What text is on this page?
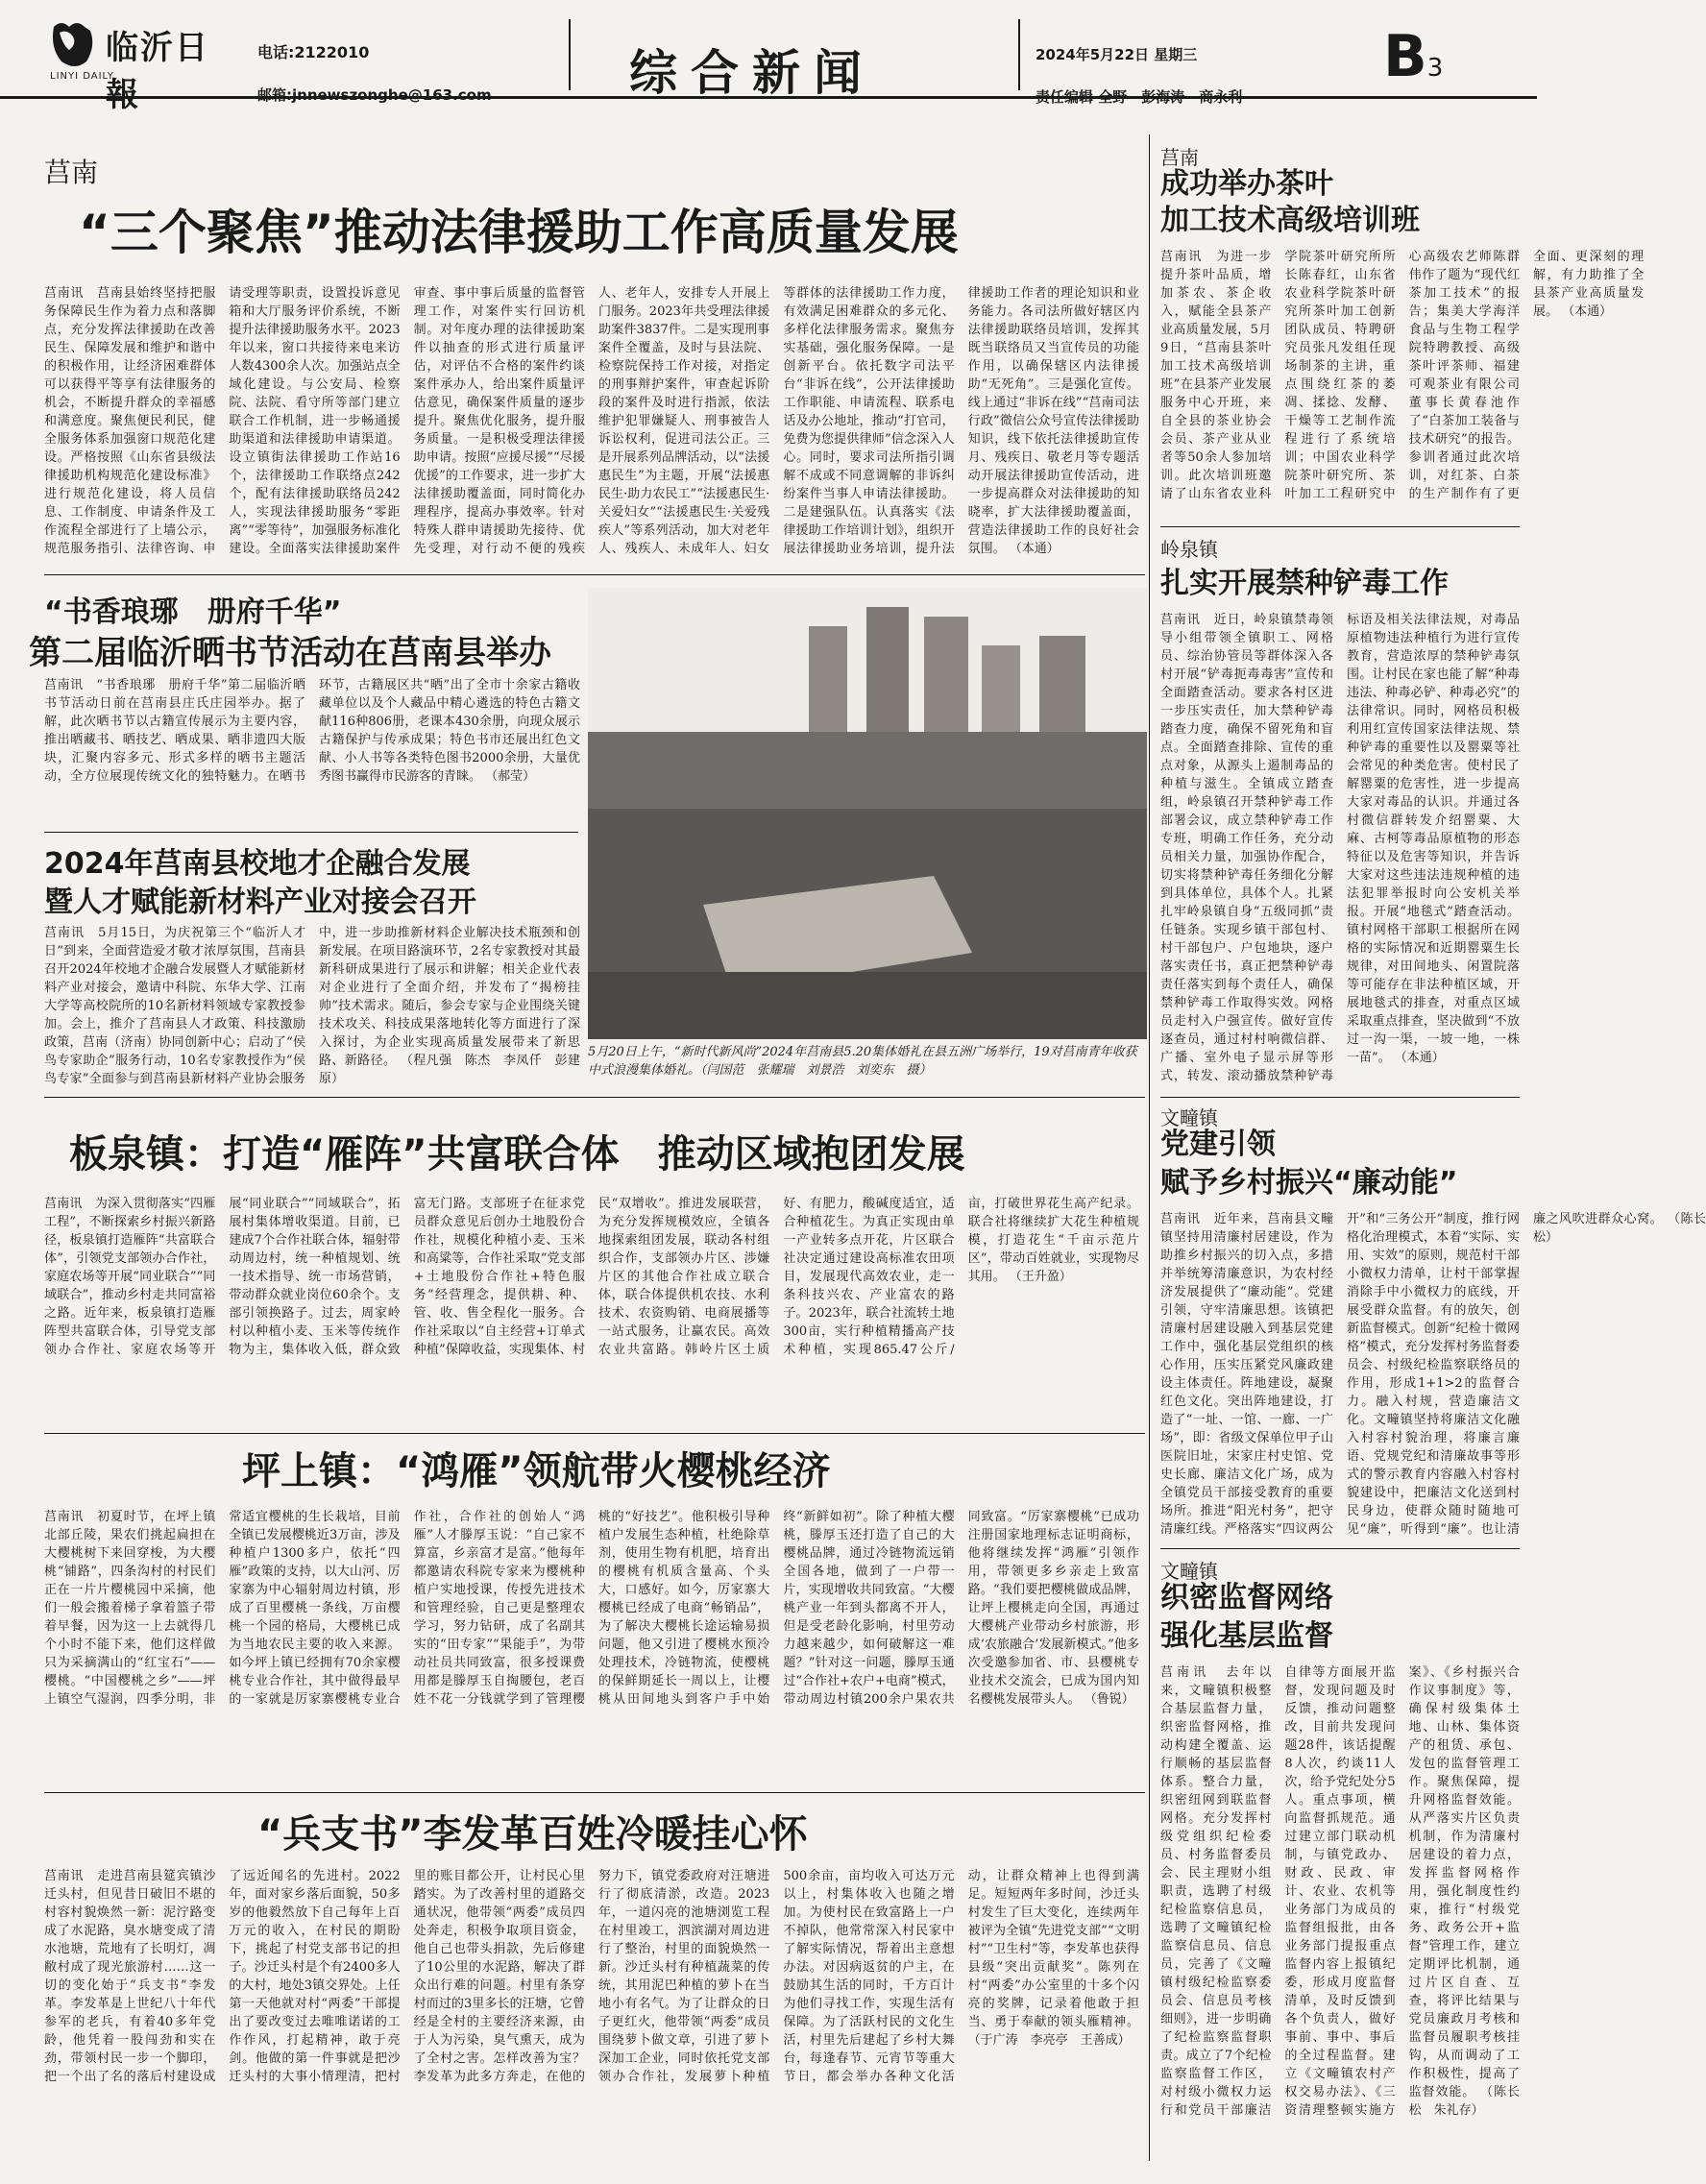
临沂日報
LINYI DAILY
电话:2122010
邮箱:jnnewszonghe@163.com	综合新闻	2024年5月22日 星期三
责任编辑 全野　彭海涛　商永利
B3
莒南
“三个聚焦”推动法律援助工作高质量发展
莒南讯　莒南县始终坚持把服务保障民生作为着力点和落脚点，充分发挥法律援助在改善民生、保障发展和维护和谐中的积极作用，让经济困难群体可以获得平等享有法律服务的机会，不断提升群众的幸福感和满意度。聚焦便民利民，健全服务体系加强窗口规范化建设。严格按照《山东省县级法律援助机构规范化建设标准》进行规范化建设，将人员信息、工作制度、申请条件及工作流程全部进行了上墙公示，规范服务指引、法律咨询、申请受理等职责，设置投诉意见箱和大厅服务评价系统，不断提升法律援助服务水平。2023年以来，窗口共接待来电来访人数4300余人次。加强站点全域化建设。与公安局、检察院、法院、看守所等部门建立联合工作机制，进一步畅通援助渠道和法律援助申请渠道。设立镇街法律援助工作站16个，法律援助工作联络点242个，配有法律援助联络员242人，实现法律援助服务“零距离”“零等待”，加强服务标准化建设。全面落实法律援助案件审查、事中事后质量的监督管理工作，对案件实行回访机制。对年度办理的法律援助案件以抽查的形式进行质量评估，对评估不合格的案件约谈案件承办人，给出案件质量评估意见，确保案件质量的逐步提升。聚焦优化服务，提升服务质量。一是积极受理法律援助申请。按照“应援尽援”“尽援优援”的工作要求，进一步扩大法律援助覆盖面，同时简化办理程序，提高办事效率。针对特殊人群申请援助先接待、优先受理，对行动不便的残疾人、老年人，安排专人开展上门服务。2023年共受理法律援助案件3837件。二是实现刑事案件全覆盖，及时与县法院、检察院保持工作对接，对指定的刑事辩护案件，审查起诉阶段的案件及时进行指派，依法维护犯罪嫌疑人、刑事被告人诉讼权利，促进司法公正。三是开展系列品牌活动，以“法援惠民生”为主题，开展“法援惠民生·助力农民工”“法援惠民生·关爱妇女”“法援惠民生·关爱残疾人”等系列活动，加大对老年人、残疾人、未成年人、妇女等群体的法律援助工作力度，有效满足困难群众的多元化、多样化法律服务需求。聚焦夯实基础，强化服务保障。一是创新平台。依托数字司法平台“非诉在线”，公开法律援助工作职能、申请流程、联系电话及办公地址，推动“打官司，免费为您提供律师”信念深入人心。同时，要求司法所指引调解不成或不同意调解的非诉纠纷案件当事人申请法律援助。二是建强队伍。认真落实《法律援助工作培训计划》，组织开展法律援助业务培训，提升法律援助工作者的理论知识和业务能力。各司法所做好辖区内法律援助联络员培训，发挥其既当联络员又当宣传员的功能作用，以确保辖区内法律援助“无死角”。三是强化宣传。线上通过“非诉在线”“莒南司法行政”微信公众号宣传法律援助知识，线下依托法律援助宣传月、残疾日、敬老月等专题活动开展法律援助宣传活动，进一步提高群众对法律援助的知晓率，扩大法律援助覆盖面，营造法律援助工作的良好社会氛围。 （本通）
“书香琅琊　册府千华”
第二届临沂晒书节活动在莒南县举办
莒南讯　“书香琅琊　册府千华”第二届临沂晒书节活动日前在莒南县庄氏庄园举办。据了解，此次晒书节以古籍宣传展示为主要内容，推出晒藏书、晒技艺、晒成果、晒非遗四大版块，汇聚内容多元、形式多样的晒书主题活动，全方位展现传统文化的独特魅力。在晒书环节，古籍展区共“晒”出了全市十余家古籍收藏单位以及个人藏品中精心遴选的特色古籍文献116种806册，老课本430余册，向现众展示古籍保护与传承成果；特色书市还展出红色文献、小人书等各类特色图书2000余册，大量优秀图书赢得市民游客的青睐。 （郝莹）
2024年莒南县校地才企融合发展
暨人才赋能新材料产业对接会召开
莒南讯　5月15日，为庆祝第三个“临沂人才日”到来，全面营造爱才敬才浓厚氛围，莒南县召开2024年校地才企融合发展暨人才赋能新材料产业对接会，邀请中科院、东华大学、江南大学等高校院所的10名新材料领域专家教授参加。会上，推介了莒南县人才政策、科技激励政策，莒南（济南）协同创新中心；启动了“侯鸟专家助企”服务行动，10名专家教授作为“侯鸟专家”全面参与到莒南县新材料产业协会服务中，进一步助推新材料企业解决技术瓶颈和创新发展。在项目路演环节，2名专家教授对其最新科研成果进行了展示和讲解；相关企业代表对企业进行了全面介绍，并发布了“揭榜挂帅”技术需求。随后，参会专家与企业围绕关键技术攻关、科技成果落地转化等方面进行了深入探讨，为企业实现高质量发展带来了新思路、新路径。 （程凡强　陈杰　李凤仟　彭建原）
5月20日上午，“新时代新风尚”2024年莒南县5.20集体婚礼在县五洲广场举行，19对莒南青年收获中式浪漫集体婚礼。（闫国范　张耀瑞　刘景浩　刘奕东　摄）
板泉镇：打造“雁阵”共富联合体　推动区域抱团发展
莒南讯　为深入贯彻落实“四雁工程”，不断探索乡村振兴新路径，板泉镇打造雁阵“共富联合体”，引领党支部领办合作社，家庭农场等开展“同业联合”“同域联合”，推动乡村走共同富裕之路。近年来，板泉镇打造雁阵型共富联合体，引导党支部领办合作社、家庭农场等开展“同业联合”“同域联合”，拓展村集体增收渠道。目前，已建成7个合作社联合体，辐射带动周边村，统一种植规划、统一技术指导、统一市场营销，带动群众就业岗位60余个。支部引领换路子。过去，周家岭村以种植小麦、玉米等传统作物为主，集体收入低，群众致富无门路。支部班子在征求党员群众意见后创办土地股份合作社，规模化种植小麦、玉米和高粱等，合作社采取“党支部+土地股份合作社+特色服务”经营理念，提供耕、种、管、收、售全程化一服务。合作社采取以“自主经营+订单式种植”保障收益，实现集体、村民“双增收”。推进发展联营，为充分发挥规模效应，全镇各地探索组团发展，联动各村组织合作，支部领办片区、涉嫌片区的其他合作社成立联合体，联合体提供机农技、水利技术、农资购销、电商展播等一站式服务，让赢农民。高效农业共富路。韩岭片区土质好、有肥力，酸碱度适宜，适合种植花生。为真正实现由单一产业转多点开花，片区联合社决定通过建设高标准农田项目，发展现代高效农业，走一条科技兴农、产业富农的路子。2023年，联合社流转土地300亩，实行种植精播高产技术种植，实现865.47公斤/亩，打破世界花生高产纪录。联合社将继续扩大花生种植规模，打造花生“千亩示范片区”，带动百姓就业，实现物尽其用。 （王升盈）
坪上镇：“鸿雁”领航带火樱桃经济
莒南讯　初夏时节，在坪上镇北部丘陵，果农们挑起扁担在大樱桃树下来回穿梭，为大樱桃“铺路”，四条沟村的村民们正在一片片樱桃园中采摘，他们一般会搬着梯子拿着篮子带着早餐，因为这一上去就得几个小时不能下来，他们这样做只为采摘满山的“红宝石”——樱桃。“中国樱桃之乡”——坪上镇空气湿润，四季分明，非常适宜樱桃的生长栽培，目前全镇已发展樱桃近3万亩，涉及种植户1300多户，依托“四雁”政策的支持，以大山河、厉家寨为中心辐射周边村镇，形成了百里樱桃一条线，万亩樱桃一个园的格局，大樱桃已成为当地农民主要的收入来源。如今坪上镇已经拥有70余家樱桃专业合作社，其中做得最早的一家就是厉家寨樱桃专业合作社，合作社的创始人“鸿雁”人才滕厚玉说：“自己家不算富，乡亲富才是富。”他每年都邀请农科院专家来为樱桃种植户实地授课，传授先进技术和管理经验，自己更是整理农学习，努力钻研，成了名副其实的“田专家”“果能手”，为带动社员共同致富，很多授课费用都是滕厚玉自掏腰包，老百姓不花一分钱就学到了管理樱桃的“好技艺”。他积极引导种植户发展生态种植，杜绝除草剂，使用生物有机肥，培育出的樱桃有机质含量高、个头大，口感好。如今，厉家寨大樱桃已经成了电商“畅销品”，为了解决大樱桃长途运输易损问题，他又引进了樱桃水预冷处理技术，冷链物流，使樱桃的保鲜期延长一周以上，让樱桃从田间地头到客户手中始终“新鲜如初”。除了种植大樱桃，滕厚玉还打造了自己的大樱桃品牌，通过冷链物流远销全国各地，做到了一户带一片，实现增收共同致富。“大樱桃产业一年到头都离不开人，但是受老龄化影响，村里劳动力越来越少，如何破解这一难题？”针对这一问题，滕厚玉通过“合作社+农户+电商”模式，带动周边村镇200余户果农共同致富。“厉家寨樱桃”已成功注册国家地理标志证明商标，他将继续发挥“鸿雁”引领作用，带领更多乡亲走上致富路。“我们要把樱桃做成品牌，让坪上樱桃走向全国，再通过大樱桃产业带动乡村旅游，形成‘农旅融合’发展新模式。”他多次受邀参加省、市、县樱桃专业技术交流会，已成为国内知名樱桃发展带头人。 （鲁锐）
“兵支书”李发革百姓冷暖挂心怀
莒南讯　走进莒南县筵宾镇沙迁头村，但见昔日破旧不堪的村容村貌焕然一新：泥泞路变成了水泥路，臭水塘变成了清水池塘，荒地有了长明灯，凋敝村成了现光旅游村……这一切的变化始于“兵支书”李发革。李发革是上世纪八十年代参军的老兵，有着40多年党龄，他凭着一股闯劲和实在劲，带领村民一步一个脚印，把一个出了名的落后村建设成了远近闻名的先进村。2022年，面对家乡落后面貌，50多岁的他毅然放下自己每年上百万元的收入，在村民的期盼下，挑起了村党支部书记的担子。沙迁头村是个有2400多人的大村，地处3镇交界处。上任第一天他就对村“两委”干部提出了要改变过去唯唯诺诺的工作作风，打起精神，敢于亮剑。他做的第一件事就是把沙迁头村的大事小情理清，把村里的账目都公开，让村民心里踏实。为了改善村里的道路交通状况，他带领“两委”成员四处奔走，积极争取项目资金，他自己也带头捐款，先后修建了10公里的水泥路，解决了群众出行难的问题。村里有条穿村而过的3里多长的汪塘，它曾经是全村的主要经济来源，由于人为污染，臭气熏天，成为了全村之害。怎样改善为宝？李发革为此多方奔走，在他的努力下，镇党委政府对汪塘进行了彻底清淤，改造。2023年，一道闪亮的池塘浏览工程在村里竣工，泗滨湖对周边进行了整治，村里的面貌焕然一新。沙迁头村有种植蔬菜的传统，其用泥巴种植的萝卜在当地小有名气。为了让群众的日子更红火，他带领“两委”成员围绕萝卜做文章，引进了萝卜深加工企业，同时依托党支部领办合作社，发展萝卜种植500余亩，亩均收入可达万元以上，村集体收入也随之增加。为使村民在致富路上一户不掉队，他常常深入村民家中了解实际情况，帮着出主意想办法。对因病返贫的户主，在鼓励其生活的同时，千方百计为他们寻找工作，实现生活有保障。为了活跃村民的文化生活，村里先后建起了乡村大舞台，每逢春节、元宵节等重大节日，都会举办各种文化活动，让群众精神上也得到满足。短短两年多时间，沙迁头村发生了巨大变化，连续两年被评为全镇“先进党支部”“文明村”“卫生村”等，李发革也获得县级“突出贡献奖”。陈列在村“两委”办公室里的十多个闪亮的奖牌，记录着他敢于担当、勇于奉献的领头雁精神。 （于广涛　李亮亭　王善成）
莒南
成功举办茶叶
加工技术高级培训班
莒南讯　为进一步提升茶叶品质，增加茶农、茶企收入，赋能全县茶产业高质量发展，5月9日，“莒南县茶叶加工技术高级培训班”在县茶产业发展服务中心开班，来自全县的茶业协会会员、茶产业从业者等50余人参加培训。此次培训班邀请了山东省农业科学院茶叶研究所所长陈春红，山东省农业科学院茶叶研究所茶叶加工创新团队成员、特聘研究员张凡发组任现场制茶的主讲，重点围绕红茶的萎凋、揉捻、发酵、干燥等工艺制作流程进行了系统培训；中国农业科学院茶叶研究所、茶叶加工工程研究中心高级农艺师陈群伟作了题为“现代红茶加工技术”的报告；集美大学海洋食品与生物工程学院特聘教授、高级茶叶评茶师、福建可观茶业有限公司董事长黄春池作了“白茶加工装备与技术研究”的报告。参训者通过此次培训，对红茶、白茶的生产制作有了更全面、更深刻的理解，有力助推了全县茶产业高质量发展。 （本通）
岭泉镇
扎实开展禁种铲毒工作
莒南讯　近日，岭泉镇禁毒领导小组带领全镇职工、网格员、综治协管员等群体深入各村开展“铲毒扼毒毒害”宣传和全面踏查活动。要求各村区进一步压实责任，加大禁种铲毒踏查力度，确保不留死角和盲点。全面踏查排除、宣传的重点对象，从源头上遏制毒品的种植与滋生。全镇成立踏查组，岭泉镇召开禁种铲毒工作部署会议，成立禁种铲毒工作专班，明确工作任务，充分动员相关力量，加强协作配合，切实将禁种铲毒任务细化分解到具体单位，具体个人。扎紧扎牢岭泉镇自身“五级同抓”责任链条。实现乡镇干部包村、村干部包户、户包地块，逐户落实责任书，真正把禁种铲毒责任落实到每个责任人，确保禁种铲毒工作取得实效。网格员走村入户强宣传。做好宣传逐查员，通过村村响微信群、广播、室外电子显示屏等形式，转发、滚动播放禁种铲毒标语及相关法律法规，对毒品原植物违法种植行为进行宣传教育，营造浓厚的禁种铲毒氛围。让村民在家也能了解“种毒违法、种毒必铲、种毒必究”的法律常识。同时，网格员积极利用红宣传国家法律法规、禁种铲毒的重要性以及罂粟等社会常见的种类危害。使村民了解罂粟的危害性，进一步提高大家对毒品的认识。并通过各村微信群转发介绍罂粟、大麻、古柯等毒品原植物的形态特征以及危害等知识，并告诉大家对这些违法违规种植的违法犯罪举报时向公安机关举报。开展“地毯式”踏查活动。镇村网格干部职工根据所在网格的实际情况和近期罂粟生长规律，对田间地头、闲置院落等可能存在非法种植区域，开展地毯式的排查，对重点区域采取重点排查，坚决做到“不放过一沟一渠，一坡一地，一株一苗”。 （本通）
文疃镇
党建引领
赋予乡村振兴“廉动能”
莒南讯　近年来，莒南县文疃镇坚持用清廉村居建设，作为助推乡村振兴的切入点，多措并举统筹清廉意识，为农村经济发展提供了“廉动能”。党建引领，守牢清廉思想。该镇把清廉村居建设融入到基层党建工作中，强化基层党组织的核心作用，压实压紧党风廉政建设主体责任。阵地建设，凝聚红色文化。突出阵地建设，打造了“一址、一馆、一廊、一广场”，即：省级文保单位甲子山医院旧址，宋家庄村史馆、党史长廊、廉洁文化广场，成为全镇党员干部接受教育的重要场所。推进“阳光村务”，把守清廉红线。严格落实“四议两公开”和“三务公开”制度，推行网格化治理模式，本着“实际、实用、实效”的原则，规范村干部小微权力清单，让村干部掌握消除手中小微权力的底线，开展受群众监督。有的放矢，创新监督模式。创新“纪检十微网格”模式，充分发挥村务监督委员会、村级纪检监察联络员的作用，形成1+1>2的监督合力。融入村规，营造廉洁文化。文疃镇坚持将廉洁文化融入村容村貌治理，将廉言廉语、党规党纪和清廉故事等形式的警示教育内容融入村容村貌建设中，把廉洁文化送到村民身边，使群众随时随地可见“廉”，听得到“廉”。也让清廉之风吹进群众心窝。 （陈长松）
文疃镇
织密监督网络
强化基层监督
莒南讯　去年以来，文疃镇积极整合基层监督力量，织密监督网格，推动构建全覆盖、运行顺畅的基层监督体系。整合力量，织密纽网到联监督网格。充分发挥村级党组织纪检委员、村务监督委员会、民主理财小组职责，选聘了村级纪检监察信息员，选聘了文疃镇纪检监察信息员、信息员，完善了《文疃镇村级纪检监察委员会、信息员考核细则》，进一步明确了纪检监察监督职责。成立了7个纪检监察监督工作区，对村级小微权力运行和党员干部廉洁自律等方面展开监督，发现问题及时反馈，推动问题整改，目前共发现问题28件，该话提醒8人次，约谈11人次，给予党纪处分5人。重点事项，横向监督抓规范。通过建立部门联动机制，与镇党政办、财政、民政、审计、农业、农机等业务部门为成员的监督组报批，由各业务部门提报重点监督内容上报镇纪委，形成月度监督清单，及时反馈到各个负责人，做好事前、事中、事后的全过程监督。建立《文疃镇农村产权交易办法》、《三资清理整顿实施方案》、《乡村振兴合作议事制度》等，确保村级集体土地、山林、集体资产的租赁、承包、发包的监督管理工作。聚焦保障，提升网格监督效能。从严落实片区负责机制，作为清廉村居建设的着力点，发挥监督网格作用，强化制度性约束，推行“村级党务、政务公开+监督”管理工作，建立定期评比机制，通过片区自查、互查，将评比结果与党员廉政月考核和监督员履职考核挂钩，从而调动了工作积极性，提高了监督效能。 （陈长松　朱礼存）
